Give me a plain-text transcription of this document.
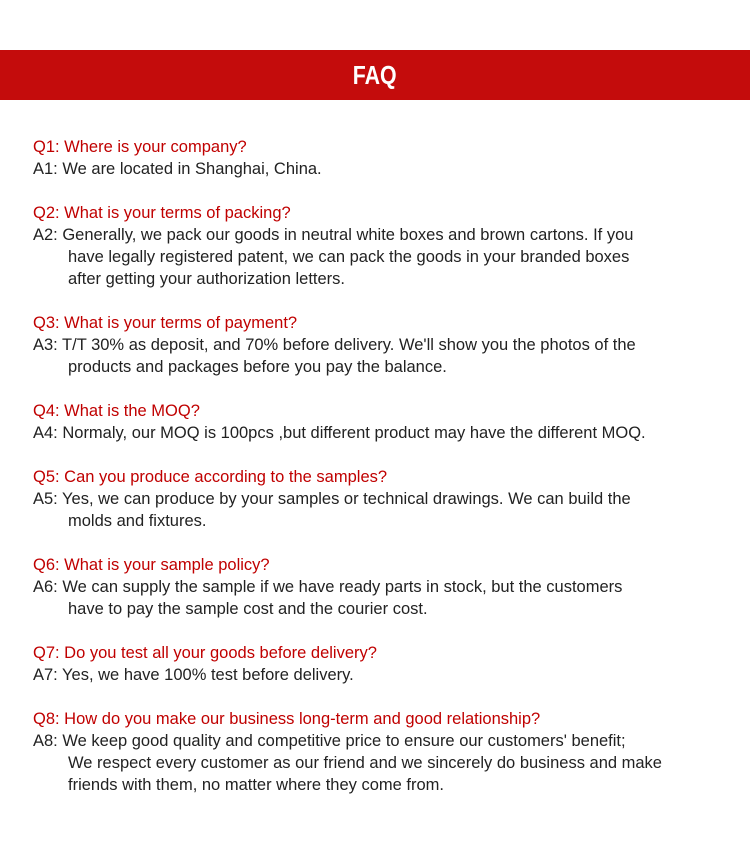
FAQ
Q1: Where is your company?
A1: We are located in Shanghai, China.
Q2: What is your terms of packing?
A2: Generally, we pack our goods in neutral white boxes and brown cartons. If you
have legally registered patent, we can pack the goods in your branded boxes
after getting your authorization letters.
Q3: What is your terms of payment?
A3: T/T 30% as deposit, and 70% before delivery. We'll show you the photos of the
products and packages before you pay the balance.
Q4: What is the MOQ?
A4: Normaly, our MOQ is 100pcs ,but different product may have the different MOQ.
Q5: Can you produce according to the samples?
A5: Yes, we can produce by your samples or technical drawings. We can build the
molds and fixtures.
Q6: What is your sample policy?
A6: We can supply the sample if we have ready parts in stock, but the customers
have to pay the sample cost and the courier cost.
Q7: Do you test all your goods before delivery?
A7: Yes, we have 100% test before delivery.
Q8: How do you make our business long-term and good relationship?
A8: We keep good quality and competitive price to ensure our customers' benefit;
We respect every customer as our friend and we sincerely do business and make
friends with them, no matter where they come from.
